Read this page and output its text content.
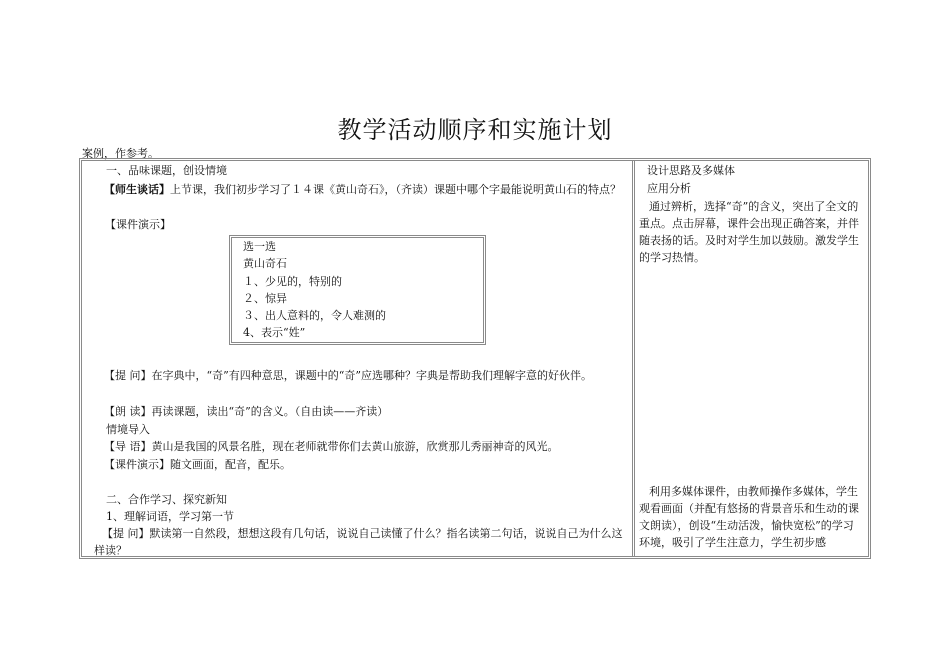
教学活动顺序和实施计划
案例，作参考。
一、品味课题，创设情境
【师生谈话】上节课，我们初步学习了１４课《黄山奇石》，（齐读）课题中哪个字最能说明黄山石的特点？
【课件演示】
选一选
黄山奇石
１、少见的，特别的
２、惊异
３、出人意料的，令人难测的
4、表示“姓”
【提 问】在字典中，“奇”有四种意思，课题中的“奇”应选哪种？字典是帮助我们理解字意的好伙伴。
【朗 读】再读课题，读出“奇”的含义。（自由读——齐读）
情境导入
【导 语】黄山是我国的风景名胜，现在老师就带你们去黄山旅游，欣赏那儿秀丽神奇的风光。
【课件演示】随文画面，配音，配乐。
二、合作学习、探究新知
1、理解词语，学习第一节
【提 问】默读第一自然段，想想这段有几句话，说说自己读懂了什么？指名读第二句话，说说自己为什么这样读？
设计思路及多媒体
应用分析
通过辨析，选择“奇”的含义，突出了全文的重点。点击屏幕，课件会出现正确答案，并伴随表扬的话。及时对学生加以鼓励。激发学生的学习热情。
利用多媒体课件，由教师操作多媒体，学生观看画面（并配有悠扬的背景音乐和生动的课文朗读），创设“生动活泼，愉快宽松”的学习环境，吸引了学生注意力，学生初步感
